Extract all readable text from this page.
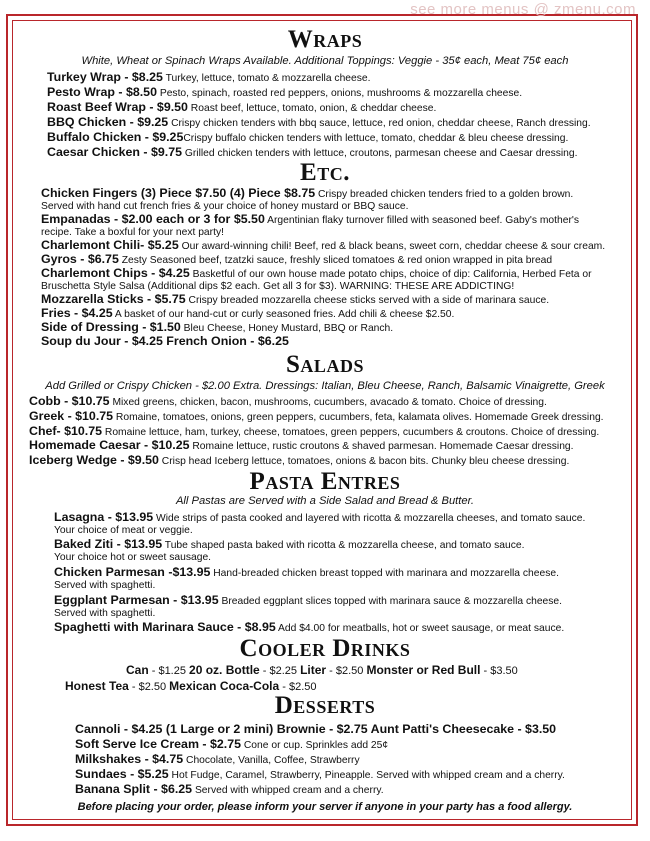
see more menus @ zmenu.com
Wraps
White, Wheat or Spinach Wraps Available. Additional Toppings: Veggie - 35¢ each, Meat 75¢ each
Turkey Wrap - $8.25 Turkey, lettuce, tomato & mozzarella cheese.
Pesto Wrap - $8.50 Pesto, spinach, roasted red peppers, onions, mushrooms & mozzarella cheese.
Roast Beef Wrap - $9.50 Roast beef, lettuce, tomato, onion, & cheddar cheese.
BBQ Chicken - $9.25 Crispy chicken tenders with bbq sauce, lettuce, red onion, cheddar cheese, Ranch dressing.
Buffalo Chicken - $9.25Crispy buffalo chicken tenders with lettuce, tomato, cheddar & bleu cheese dressing.
Caesar Chicken - $9.75 Grilled chicken tenders with lettuce, croutons, parmesan cheese and Caesar dressing.
Etc.
Chicken Fingers (3) Piece $7.50 (4) Piece $8.75 Crispy breaded chicken tenders fried to a golden brown.
Served with hand cut french fries & your choice of honey mustard or BBQ sauce.
Empanadas - $2.00 each or 3 for $5.50 Argentinian flaky turnover filled with seasoned beef. Gaby's mother's
recipe. Take a boxful for your next party!
Charlemont Chili- $5.25 Our award-winning chili! Beef, red & black beans, sweet corn, cheddar cheese & sour cream.
Gyros - $6.75 Zesty Seasoned beef, tzatzki sauce, freshly sliced tomatoes & red onion wrapped in pita bread
Charlemont Chips - $4.25 Basketful of our own house made potato chips, choice of dip: California, Herbed Feta or
Bruschetta Style Salsa (Additional dips $2 each. Get all 3 for $3). WARNING: THESE ARE ADDICTING!
Mozzarella Sticks - $5.75 Crispy breaded mozzarella cheese sticks served with a side of marinara sauce.
Fries - $4.25 A basket of our hand-cut or curly seasoned fries. Add chili & cheese $2.50.
Side of Dressing - $1.50 Bleu Cheese, Honey Mustard, BBQ or Ranch.
Soup du Jour - $4.25 French Onion - $6.25
Salads
Add Grilled or Crispy Chicken - $2.00 Extra. Dressings: Italian, Bleu Cheese, Ranch, Balsamic Vinaigrette, Greek
Cobb - $10.75 Mixed greens, chicken, bacon, mushrooms, cucumbers, avacado & tomato. Choice of dressing.
Greek - $10.75 Romaine, tomatoes, onions, green peppers, cucumbers, feta, kalamata olives. Homemade Greek dressing.
Chef- $10.75 Romaine lettuce, ham, turkey, cheese, tomatoes, green peppers, cucumbers & croutons. Choice of dressing.
Homemade Caesar - $10.25 Romaine lettuce, rustic croutons & shaved parmesan. Homemade Caesar dressing.
Iceberg Wedge - $9.50 Crisp head Iceberg lettuce, tomatoes, onions & bacon bits. Chunky bleu cheese dressing.
Pasta Entres
All Pastas are Served with a Side Salad and Bread & Butter.
Lasagna - $13.95 Wide strips of pasta cooked and layered with ricotta & mozzarella cheeses, and tomato sauce.
Your choice of meat or veggie.
Baked Ziti - $13.95 Tube shaped pasta baked with ricotta & mozzarella cheese, and tomato sauce.
Your choice hot or sweet sausage.
Chicken Parmesan -$13.95 Hand-breaded chicken breast topped with marinara and mozzarella cheese.
Served with spaghetti.
Eggplant Parmesan - $13.95 Breaded eggplant slices topped with marinara sauce & mozzarella cheese.
Served with spaghetti.
Spaghetti with Marinara Sauce - $8.95 Add $4.00 for meatballs, hot or sweet sausage, or meat sauce.
Cooler Drinks
Can - $1.25 20 oz. Bottle - $2.25 Liter - $2.50 Monster or Red Bull - $3.50
Honest Tea - $2.50 Mexican Coca-Cola - $2.50
Desserts
Cannoli - $4.25 (1 Large or 2 mini) Brownie - $2.75 Aunt Patti's Cheesecake - $3.50
Soft Serve Ice Cream - $2.75 Cone or cup. Sprinkles add 25¢
Milkshakes - $4.75 Chocolate, Vanilla, Coffee, Strawberry
Sundaes - $5.25 Hot Fudge, Caramel, Strawberry, Pineapple. Served with whipped cream and a cherry.
Banana Split - $6.25 Served with whipped cream and a cherry.
Before placing your order, please inform your server if anyone in your party has a food allergy.
